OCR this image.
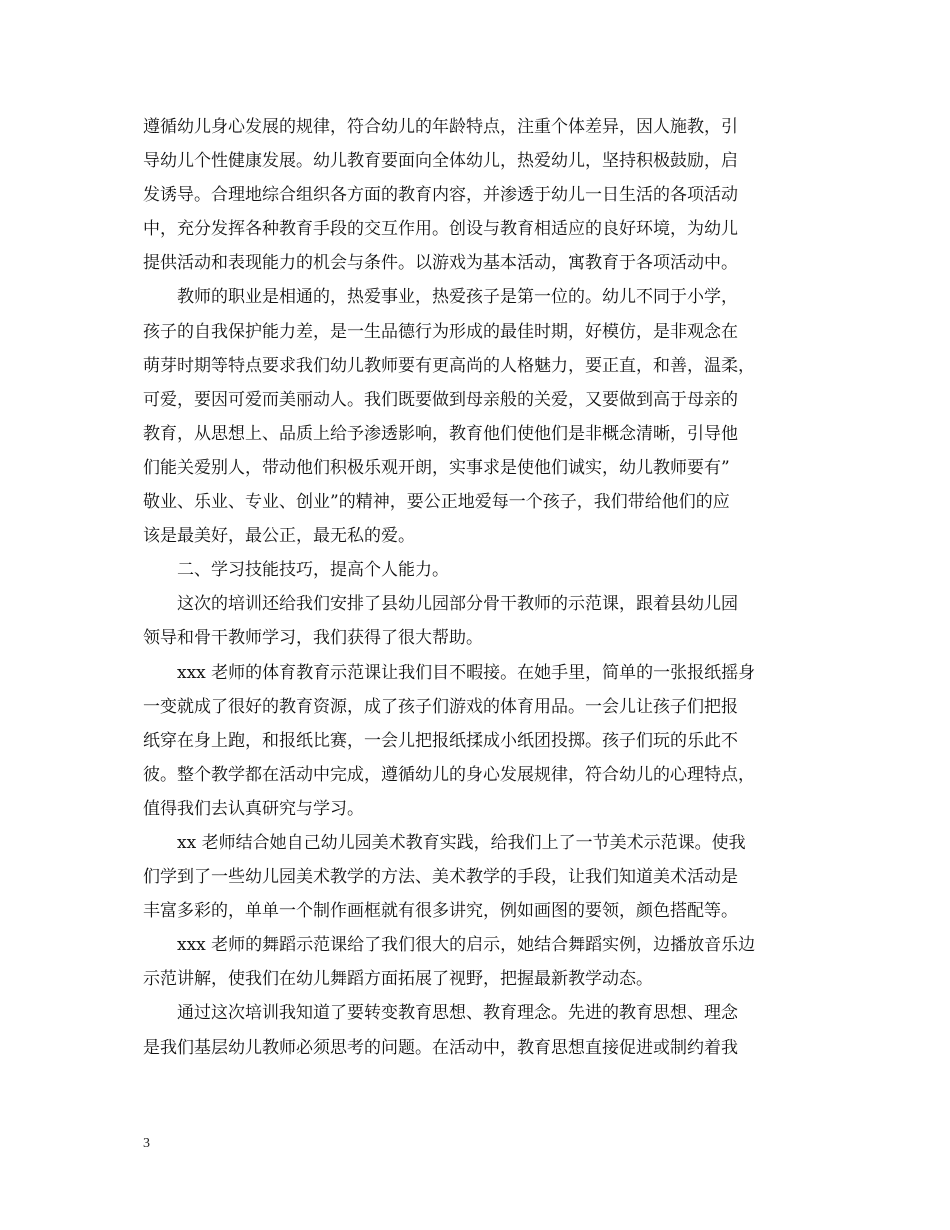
遵循幼儿身心发展的规律，符合幼儿的年龄特点，注重个体差异，因人施教，引
导幼儿个性健康发展。幼儿教育要面向全体幼儿，热爱幼儿，坚持积极鼓励，启
发诱导。合理地综合组织各方面的教育内容，并渗透于幼儿一日生活的各项活动
中，充分发挥各种教育手段的交互作用。创设与教育相适应的良好环境，为幼儿
提供活动和表现能力的机会与条件。以游戏为基本活动，寓教育于各项活动中。

　　教师的职业是相通的，热爱事业，热爱孩子是第一位的。幼儿不同于小学，
孩子的自我保护能力差，是一生品德行为形成的最佳时期，好模仿，是非观念在
萌芽时期等特点要求我们幼儿教师要有更高尚的人格魅力，要正直，和善，温柔，
可爱，要因可爱而美丽动人。我们既要做到母亲般的关爱，又要做到高于母亲的
教育，从思想上、品质上给予渗透影响，教育他们使他们是非概念清晰，引导他
们能关爱别人，带动他们积极乐观开朗，实事求是使他们诚实，幼儿教师要有”
敬业、乐业、专业、创业”的精神，要公正地爱每一个孩子，我们带给他们的应
该是最美好，最公正，最无私的爱。

　　二、学习技能技巧，提高个人能力。

　　这次的培训还给我们安排了县幼儿园部分骨干教师的示范课，跟着县幼儿园
领导和骨干教师学习，我们获得了很大帮助。

　　xxx 老师的体育教育示范课让我们目不暇接。在她手里，简单的一张报纸摇身
一变就成了很好的教育资源，成了孩子们游戏的体育用品。一会儿让孩子们把报
纸穿在身上跑，和报纸比赛，一会儿把报纸揉成小纸团投掷。孩子们玩的乐此不
彼。整个教学都在活动中完成，遵循幼儿的身心发展规律，符合幼儿的心理特点，
值得我们去认真研究与学习。

　　xx 老师结合她自己幼儿园美术教育实践，给我们上了一节美术示范课。使我
们学到了一些幼儿园美术教学的方法、美术教学的手段，让我们知道美术活动是
丰富多彩的，单单一个制作画框就有很多讲究，例如画图的要领，颜色搭配等。

　　xxx 老师的舞蹈示范课给了我们很大的启示，她结合舞蹈实例，边播放音乐边
示范讲解，使我们在幼儿舞蹈方面拓展了视野，把握最新教学动态。

　　通过这次培训我知道了要转变教育思想、教育理念。先进的教育思想、理念
是我们基层幼儿教师必须思考的问题。在活动中，教育思想直接促进或制约着我

3
